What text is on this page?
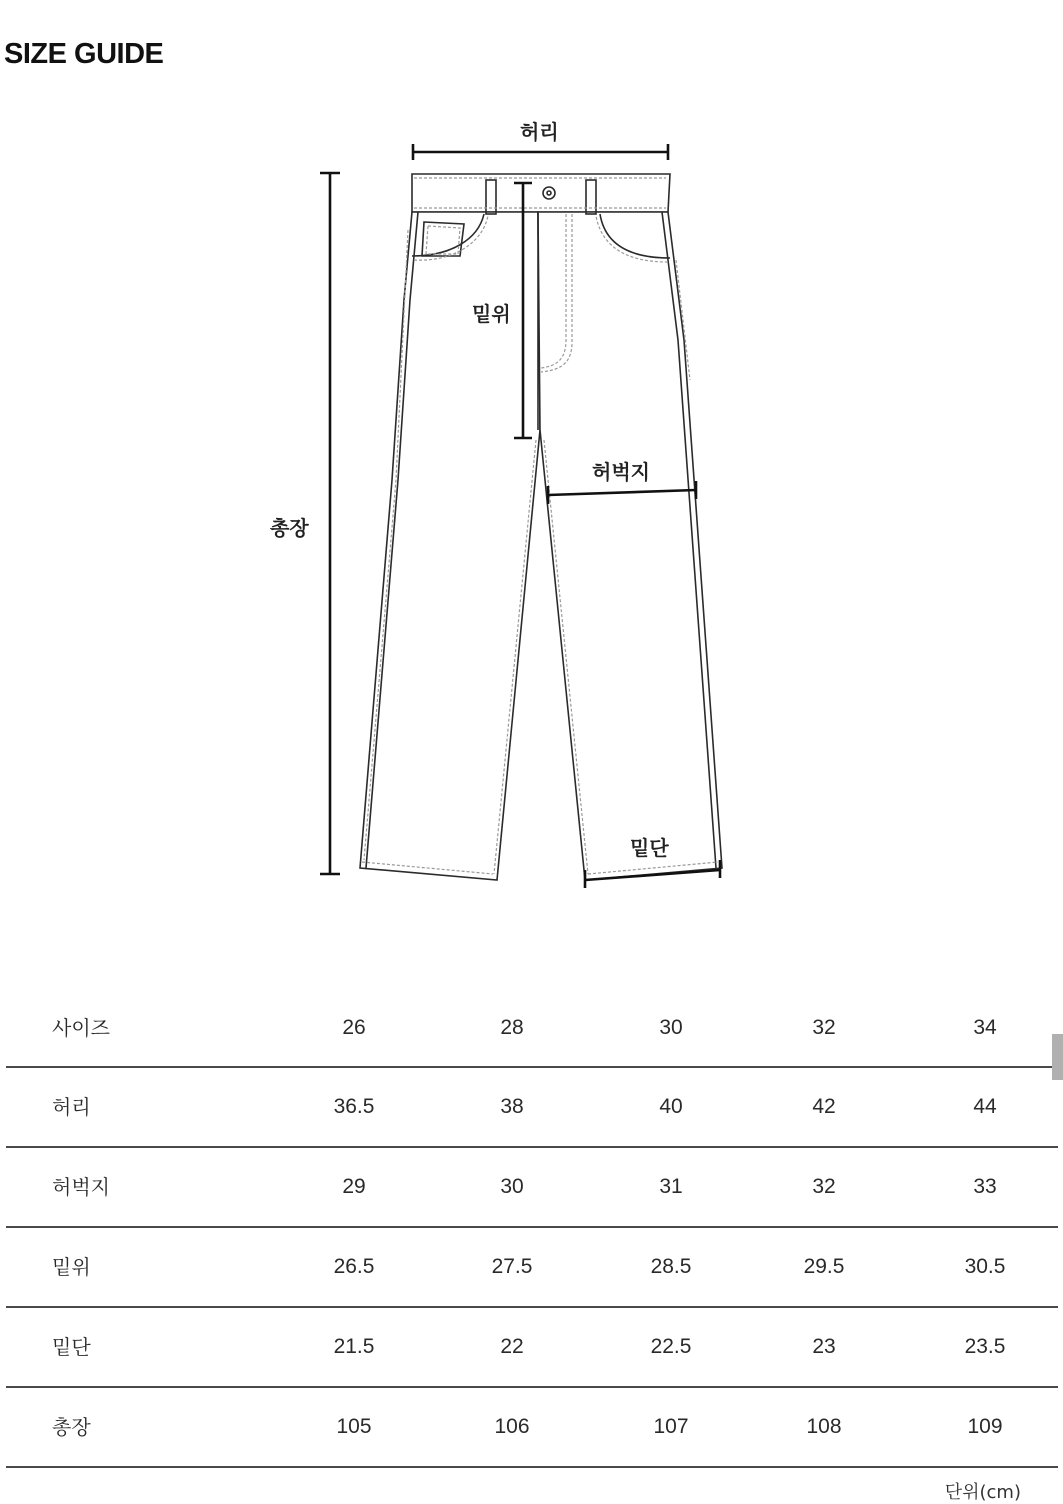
SIZE GUIDE
허리
밑위
허벅지
총장
밑단
사이즈	26	28	30	32	34
허리	36.5	38	40	42	44
허벅지	29	30	31	32	33
밑위	26.5	27.5	28.5	29.5	30.5
밑단	21.5	22	22.5	23	23.5
총장	105	106	107	108	109
단위(cm)
